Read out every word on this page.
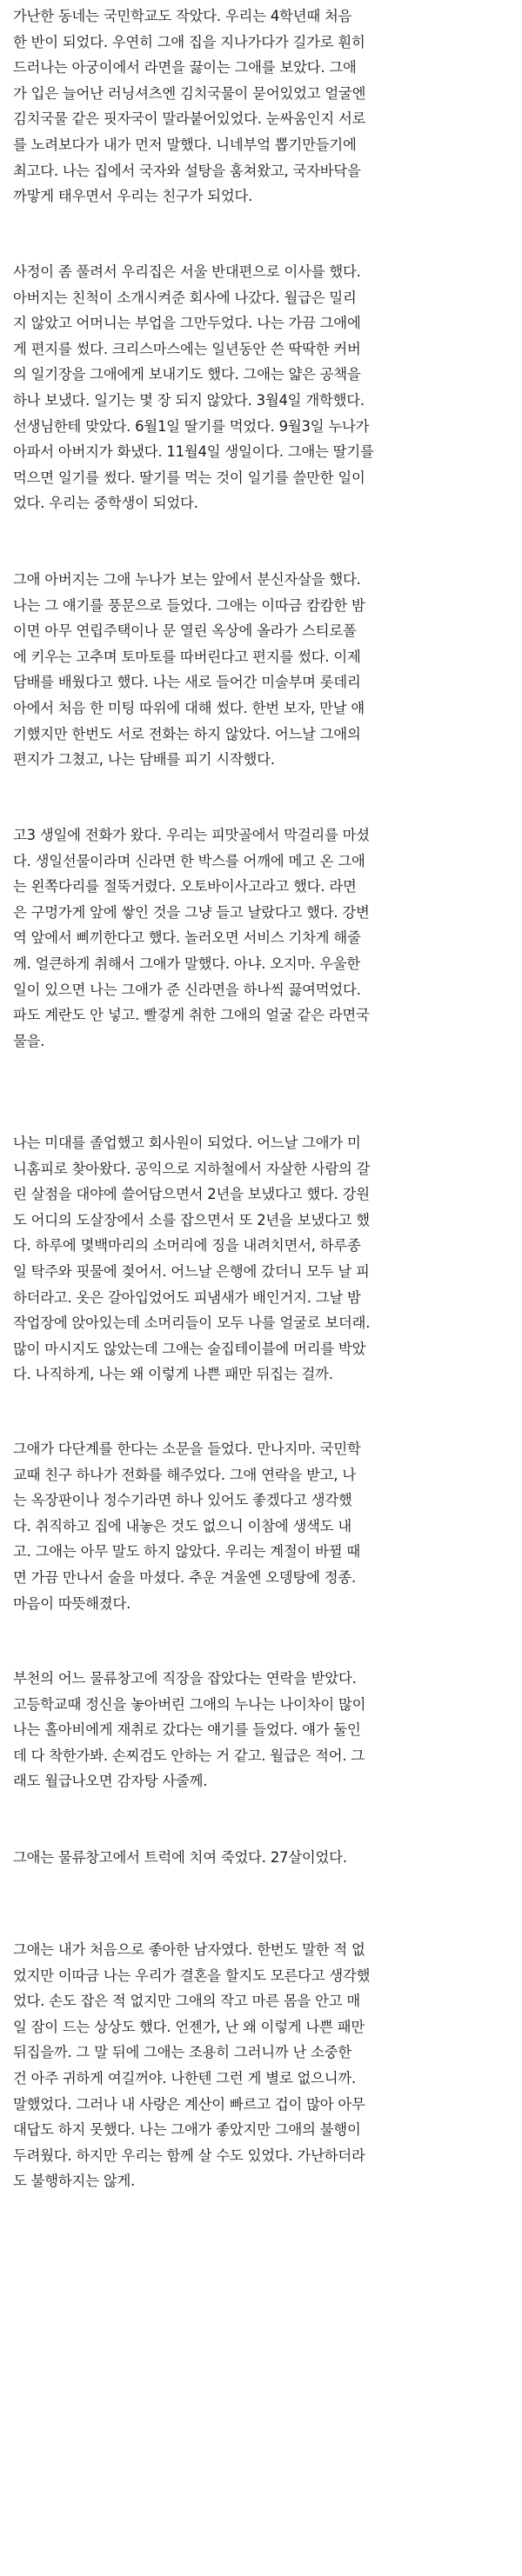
가난한 동네는 국민학교도 작았다. 우리는 4학년때 처음
한 반이 되었다. 우연히 그애 집을 지나가다가 길가로 훤히
드러나는 아궁이에서 라면을 끓이는 그애를 보았다. 그애
가 입은 늘어난 러닝셔츠엔 김치국물이 묻어있었고 얼굴엔
김치국물 같은 핏자국이 말라붙어있었다. 눈싸움인지 서로
를 노려보다가 내가 먼저 말했다. 니네부엌 뽑기만들기에
최고다. 나는 집에서 국자와 설탕을 훔쳐왔고, 국자바닥을
까맣게 태우면서 우리는 친구가 되었다.

사정이 좀 풀려서 우리집은 서울 반대편으로 이사를 했다.
아버지는 친척이 소개시켜준 회사에 나갔다. 월급은 밀리
지 않았고 어머니는 부업을 그만두었다. 나는 가끔 그애에
게 편지를 썼다. 크리스마스에는 일년동안 쓴 딱딱한 커버
의 일기장을 그애에게 보내기도 했다. 그애는 얇은 공책을
하나 보냈다. 일기는 몇 장 되지 않았다. 3월4일 개학했다.
선생님한테 맞았다. 6월1일 딸기를 먹었다. 9월3일 누나가
아파서 아버지가 화냈다. 11월4일 생일이다. 그애는 딸기를
먹으면 일기를 썼다. 딸기를 먹는 것이 일기를 쓸만한 일이
었다. 우리는 중학생이 되었다.

그애 아버지는 그애 누나가 보는 앞에서 분신자살을 했다.
나는 그 얘기를 풍문으로 들었다. 그애는 이따금 캄캄한 밤
이면 아무 연립주택이나 문 열린 옥상에 올라가 스티로폴
에 키우는 고추며 토마토를 따버린다고 편지를 썼다. 이제
담배를 배웠다고 했다. 나는 새로 들어간 미술부며 롯데리
아에서 처음 한 미팅 따위에 대해 썼다. 한번 보자, 만날 얘
기했지만 한번도 서로 전화는 하지 않았다. 어느날 그애의
편지가 그쳤고, 나는 담배를 피기 시작했다.

고3 생일에 전화가 왔다. 우리는 피맛골에서 막걸리를 마셨
다. 생일선물이라며 신라면 한 박스를 어깨에 메고 온 그애
는 왼쪽다리를 절뚝거렸다. 오토바이사고라고 했다. 라면
은 구멍가게 앞에 쌓인 것을 그냥 들고 날랐다고 했다. 강변
역 앞에서 삐끼한다고 했다. 놀러오면 서비스 기차게 해줄
께. 얼큰하게 취해서 그애가 말했다. 아냐. 오지마. 우울한
일이 있으면 나는 그애가 준 신라면을 하나씩 끓여먹었다.
파도 계란도 안 넣고. 빨겋게 취한 그애의 얼굴 같은 라면국
물을.

나는 미대를 졸업했고 회사원이 되었다. 어느날 그애가 미
니홈피로 찾아왔다. 공익으로 지하철에서 자살한 사람의 갈
린 살점을 대야에 쓸어담으면서 2년을 보냈다고 했다. 강원
도 어디의 도살장에서 소를 잡으면서 또 2년을 보냈다고 했
다. 하루에 몇백마리의 소머리에 징을 내려치면서, 하루종
일 탁주와 핏물에 젖어서. 어느날 은행에 갔더니 모두 날 피
하더라고. 옷은 갈아입었어도 피냄새가 배인거지. 그날 밤
작업장에 앉아있는데 소머리들이 모두 나를 얼굴로 보더래.
많이 마시지도 않았는데 그애는 술집테이블에 머리를 박았
다. 나직하게, 나는 왜 이렇게 나쁜 패만 뒤집는 걸까.

그애가 다단계를 한다는 소문을 들었다. 만나지마. 국민학
교때 친구 하나가 전화를 해주었다. 그애 연락을 받고, 나
는 옥장판이나 정수기라면 하나 있어도 좋겠다고 생각했
다. 취직하고 집에 내놓은 것도 없으니 이참에 생색도 내
고. 그애는 아무 말도 하지 않았다. 우리는 계절이 바뀔 때
면 가끔 만나서 술을 마셨다. 추운 겨울엔 오뎅탕에 정종.
마음이 따뜻해졌다.

부천의 어느 물류창고에 직장을 잡았다는 연락을 받았다.
고등학교때 정신을 놓아버린 그애의 누나는 나이차이 많이
나는 홀아비에게 재취로 갔다는 얘기를 들었다. 얘가 둘인
데 다 착한가봐. 손찌검도 안하는 거 같고. 월급은 적어. 그
래도 월급나오면 감자탕 사줄께.

그애는 물류창고에서 트럭에 치여 죽었다. 27살이었다.

그애는 내가 처음으로 좋아한 남자였다. 한번도 말한 적 없
었지만 이따금 나는 우리가 결혼을 할지도 모른다고 생각했
었다. 손도 잡은 적 없지만 그애의 작고 마른 몸을 안고 매
일 잠이 드는 상상도 했다. 언젠가, 난 왜 이렇게 나쁜 패만
뒤집을까. 그 말 뒤에 그애는 조용히 그러니까 난 소중한
건 아주 귀하게 여길꺼야. 나한텐 그런 게 별로 없으니까.
말했었다. 그러나 내 사랑은 계산이 빠르고 겁이 많아 아무
대답도 하지 못했다. 나는 그애가 좋았지만 그애의 불행이
두려웠다. 하지만 우리는 함께 살 수도 있었다. 가난하더라
도 불행하지는 않게.
